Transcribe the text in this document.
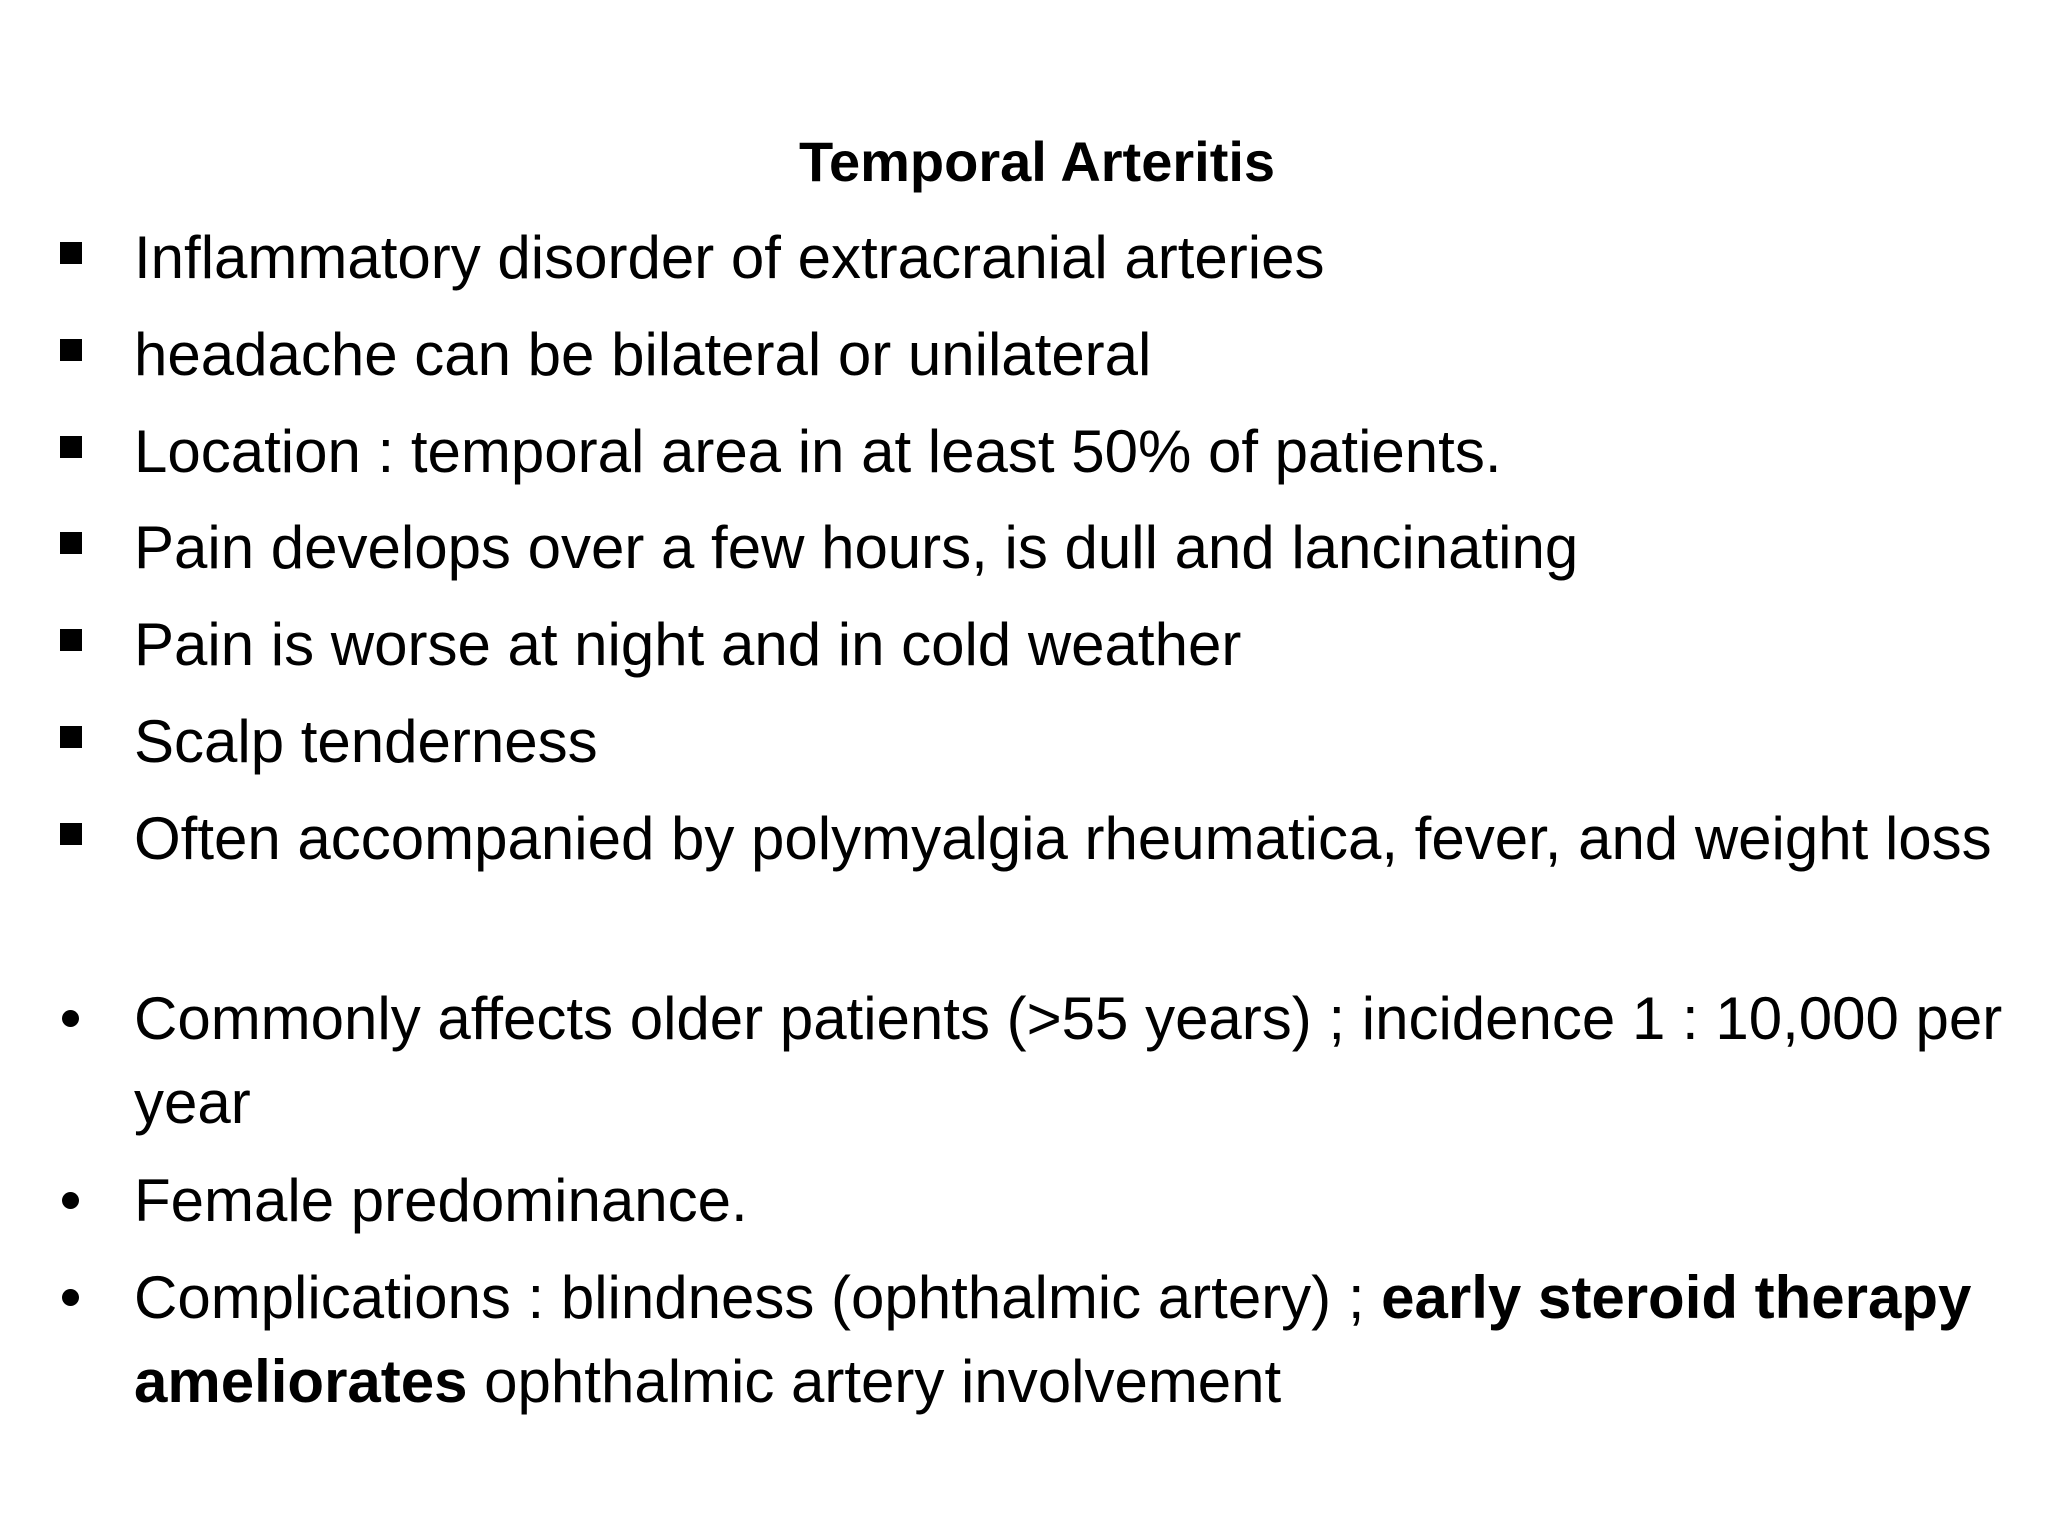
Temporal Arteritis
Inflammatory disorder of extracranial arteries
headache can be bilateral or unilateral
Location : temporal area in at least 50% of patients.
Pain develops over a few hours, is dull and lancinating
Pain is worse at night and in cold weather
Scalp tenderness
Often accompanied by polymyalgia rheumatica, fever, and weight loss
Commonly affects older patients (>55 years) ; incidence 1 : 10,000 per year
Female predominance.
Complications : blindness (ophthalmic artery) ; early steroid therapy ameliorates ophthalmic artery involvement
